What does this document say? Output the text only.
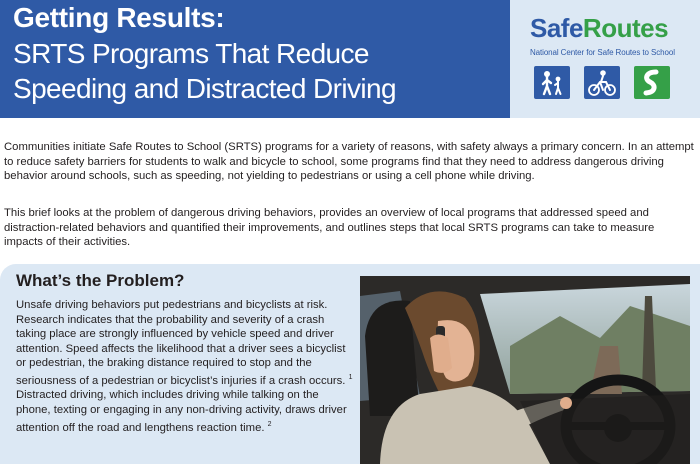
Getting Results:
SRTS Programs That Reduce
Speeding and Distracted Driving
SafeRoutes
National Center for Safe Routes to School

Communities initiate Safe Routes to School (SRTS) programs for a variety of reasons, with safety always a primary concern. In an attempt to reduce safety barriers for students to walk and bicycle to school, some programs find that they need to address dangerous driving behavior around schools, such as speeding, not yielding to pedestrians or using a cell phone while driving.

This brief looks at the problem of dangerous driving behaviors, provides an overview of local programs that addressed speed and distraction-related behaviors and quantified their improvements, and outlines steps that local SRTS programs can take to measure impacts of their activities.

What’s the Problem?

Unsafe driving behaviors put pedestrians and bicyclists at risk. Research indicates that the probability and severity of a crash taking place are strongly influenced by vehicle speed and driver attention. Speed affects the likelihood that a driver sees a bicyclist or pedestrian, the braking distance required to stop and the seriousness of a pedestrian or bicyclist’s injuries if a crash occurs. $^1$ Distracted driving, which includes driving while talking on the phone, texting or engaging in any non-driving activity, draws driver attention off the road and lengthens reaction time. $^2$
